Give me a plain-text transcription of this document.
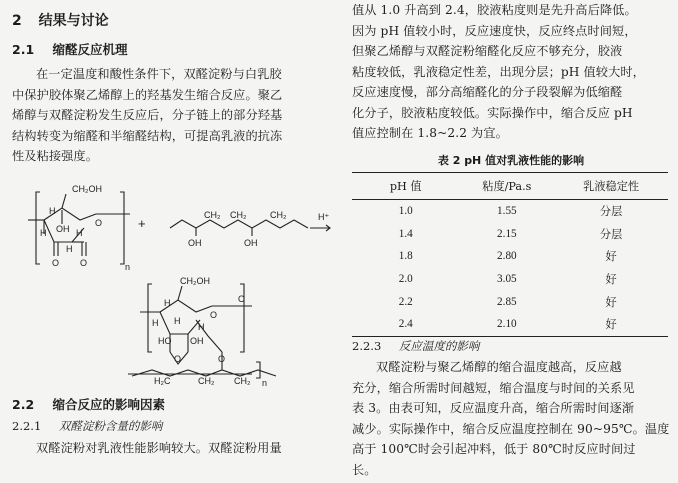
2 结果与讨论
2.1 缩醛反应机理
在一定温度和酸性条件下，双醛淀粉与白乳胶
中保护胶体聚乙烯醇上的羟基发生缩合反应。聚乙
烯醇与双醛淀粉发生反应后，分子链上的部分羟基
结构转变为缩醛和半缩醛结构，可提高乳液的抗冻
性及粘接强度。
CH₂OH
H
H
O
H
OH
H
O O	n
+	H⁺
CH₂ CH₂	CH₂
OH	OH
CH₂OH
H
H
O
HO OH
H
H
O
O	O
H₂C	CH₂ CH₂ n
2.2 缩合反应的影响因素
2.2.1 双醛淀粉含量的影响
双醛淀粉对乳液性能影响较大。双醛淀粉用量
值从 1.0 升高到 2.4，胶液粘度则是先升高后降低。
因为 pH 值较小时，反应速度快，反应终点时间短，
但聚乙烯醇与双醛淀粉缩醛化反应不够充分，胶液
粘度较低，乳液稳定性差，出现分层；pH 值较大时，
反应速度慢，部分高缩醛化的分子段裂解为低缩醛
化分子，胶液粘度较低。实际操作中，缩合反应 pH
值应控制在 1.8~2.2 为宜。
表 2 pH 值对乳液性能的影响
pH 值	粘度/Pa.s	乳液稳定性
1.0	1.55	分层
1.4	2.15	分层
1.8	2.80	好
2.0	3.05	好
2.2	2.85	好
2.4	2.10	好
2.2.3 反应温度的影响
双醛淀粉与聚乙烯醇的缩合温度越高，反应越
充分，缩合所需时间越短，缩合温度与时间的关系见
表 3。由表可知，反应温度升高，缩合所需时间逐渐
减少。实际操作中，缩合反应温度控制在 90~95℃。温度
高于 100℃时会引起冲料，低于 80℃时反应时间过
长。
